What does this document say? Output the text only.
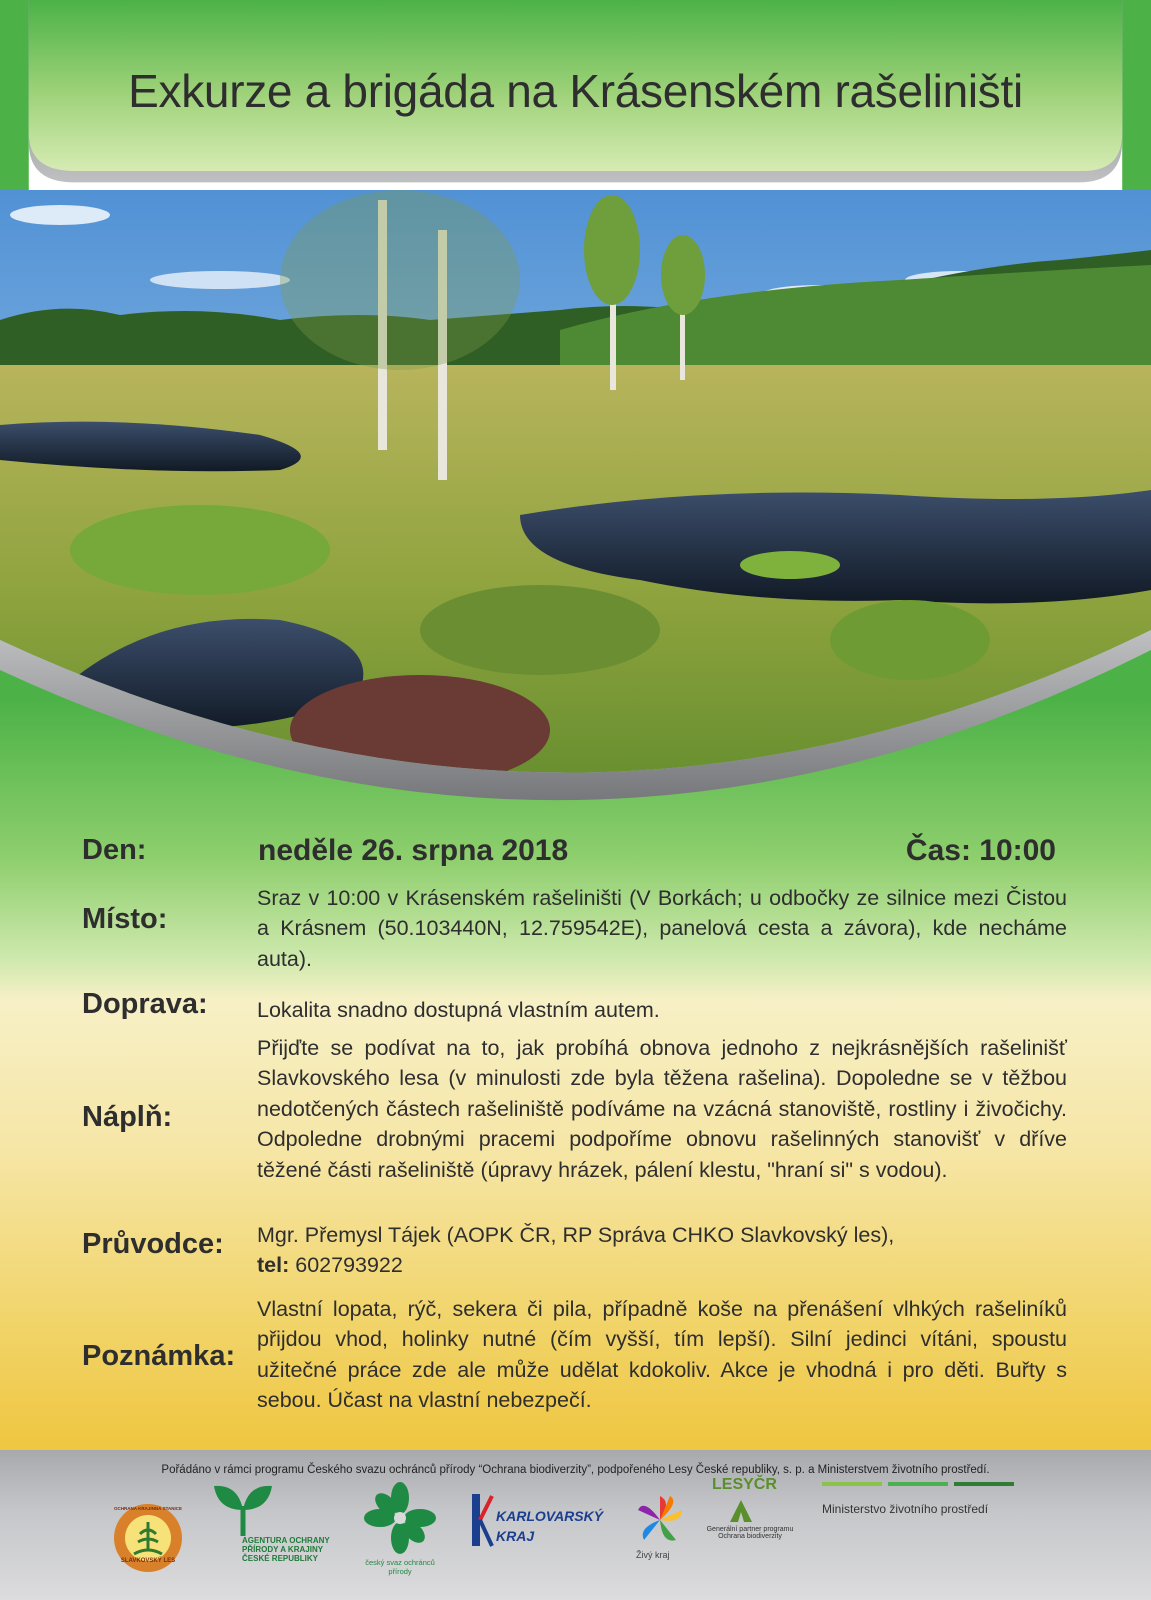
Exkurze a brigáda na Krásenském rašeliništi
Den:	neděle 26. srpna 2018	Čas: 10:00
Místo:
Sraz v 10:00 v Krásenském rašeliništi (V Borkách; u odbočky ze silnice mezi Čistou a Krásnem (50.103440N, 12.759542E), panelová cesta a závora), kde necháme auta).
Doprava: Lokalita snadno dostupná vlastním autem.
Náplň:
Přijďte se podívat na to, jak probíhá obnova jednoho z nejkrásnějších rašelinišť Slavkovského lesa (v minulosti zde byla těžena rašelina). Dopoledne se v těžbou nedotčených částech rašeliniště podíváme na vzácná stanoviště, rostliny i živočichy. Odpoledne drobnými pracemi podpoříme obnovu rašelinných stanovišť v dříve těžené části rašeliniště (úpravy hrázek, pálení klestu, "hraní si" s vodou).
Průvodce: Mgr. Přemysl Tájek (AOPK ČR, RP Správa CHKO Slavkovský les),
tel: 602793922
Poznámka:
Vlastní lopata, rýč, sekera či pila, případně koše na přenášení vlhkých rašeliníků přijdou vhod, holinky nutné (čím vyšší, tím lepší). Silní jedinci vítáni, spoustu užitečné práce zde ale může udělat kdokoliv. Akce je vhodná i pro děti. Buřty s sebou. Účast na vlastní nebezpečí.
Pořádáno v rámci programu Českého svazu ochránců přírody “Ochrana biodiverzity”, podpořeného Lesy České republiky, s. p. a Ministerstvem životního prostředí.
SLAVKOVSKÝ LES
OCHRANA KRAJINNÁ STANICE
AGENTURA OCHRANY
PŘÍRODY A KRAJINY
ČESKÉ REPUBLIKY	český svaz ochránců přírody
KARLOVARSKÝ
KRAJ
Živý kraj
LESYČR
Generální partner programu
Ochrana biodiverzity
Ministerstvo životního prostředí
